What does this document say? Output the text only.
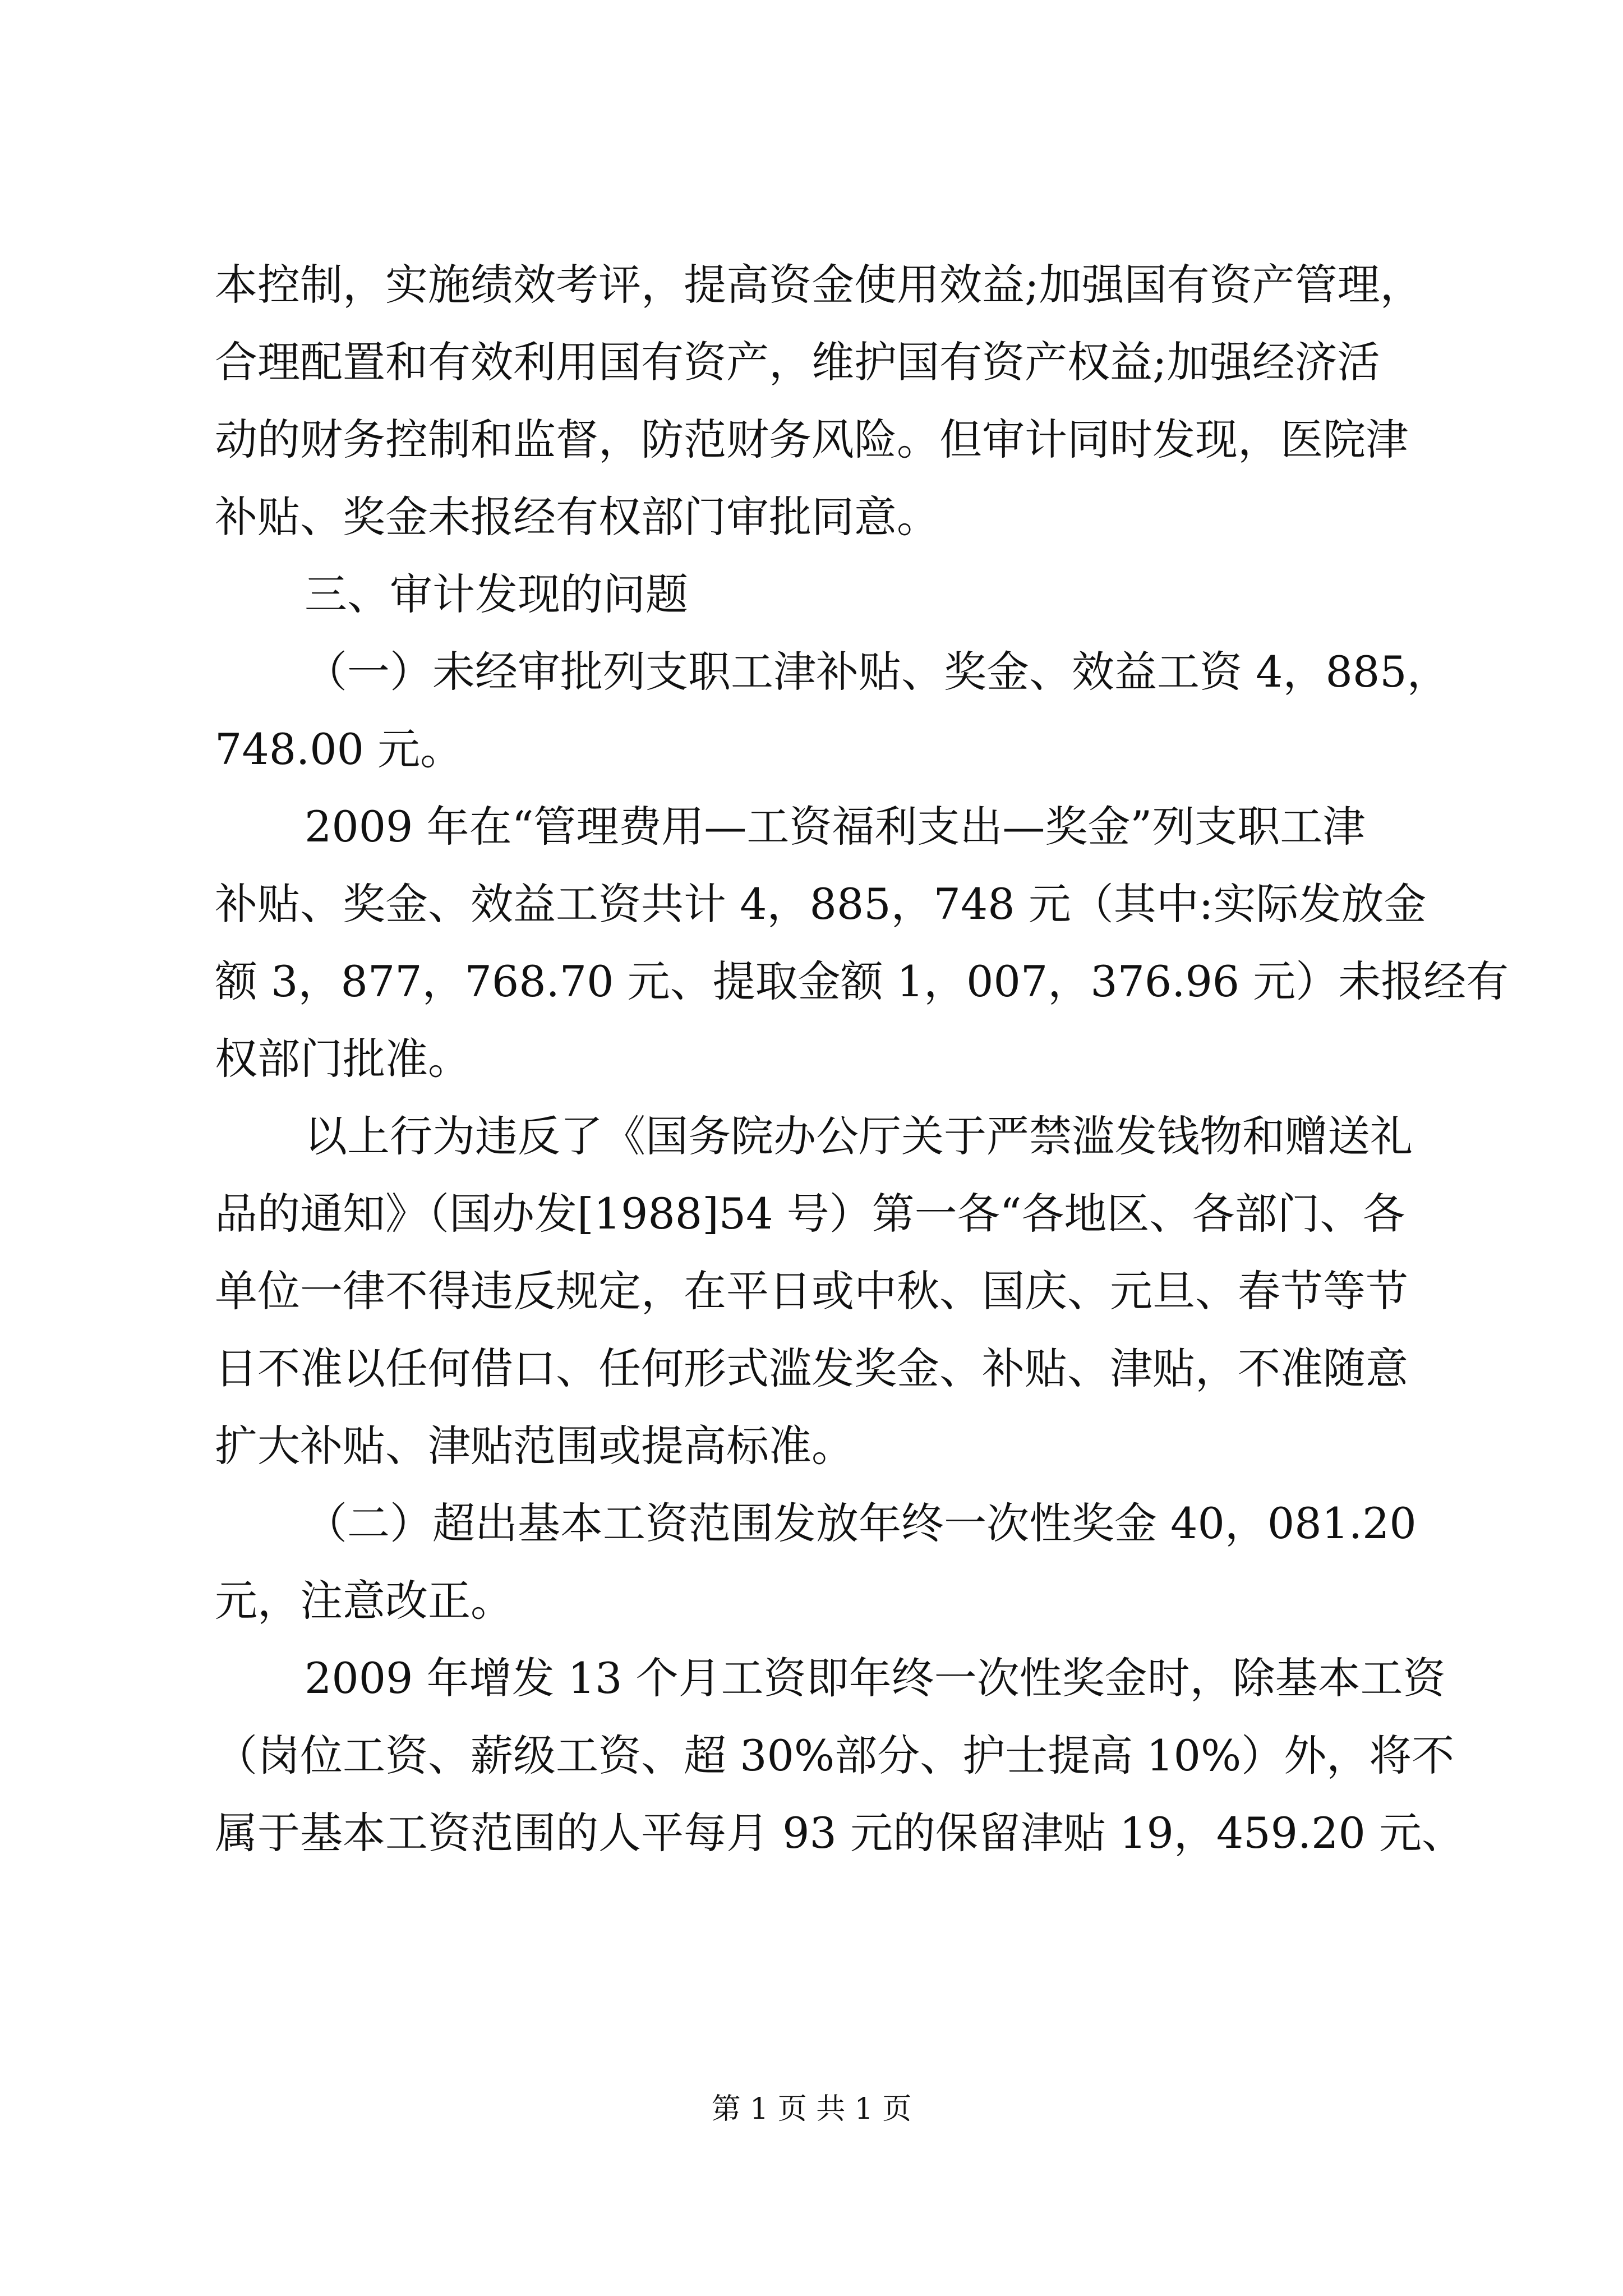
本控制，实施绩效考评，提高资金使用效益;加强国有资产管理，
合理配置和有效利用国有资产，维护国有资产权益;加强经济活
动的财务控制和监督，防范财务风险。但审计同时发现，医院津
补贴、奖金未报经有权部门审批同意。
三、审计发现的问题
（一）未经审批列支职工津补贴、奖金、效益工资 4，885，
748.00 元。
2009 年在“管理费用—工资福利支出—奖金”列支职工津
补贴、奖金、效益工资共计 4，885，748 元（其中:实际发放金
额 3，877，768.70 元、提取金额 1，007，376.96 元）未报经有
权部门批准。
以上行为违反了《国务院办公厅关于严禁滥发钱物和赠送礼
品的通知》（国办发[1988]54 号）第一各“各地区、各部门、各
单位一律不得违反规定，在平日或中秋、国庆、元旦、春节等节
日不准以任何借口、任何形式滥发奖金、补贴、津贴，不准随意
扩大补贴、津贴范围或提高标准。
（二）超出基本工资范围发放年终一次性奖金 40，081.20
元，注意改正。
2009 年增发 13 个月工资即年终一次性奖金时，除基本工资
（岗位工资、薪级工资、超 30%部分、护士提高 10%）外，将不
属于基本工资范围的人平每月 93 元的保留津贴 19，459.20 元、
第 1 页 共 1 页
